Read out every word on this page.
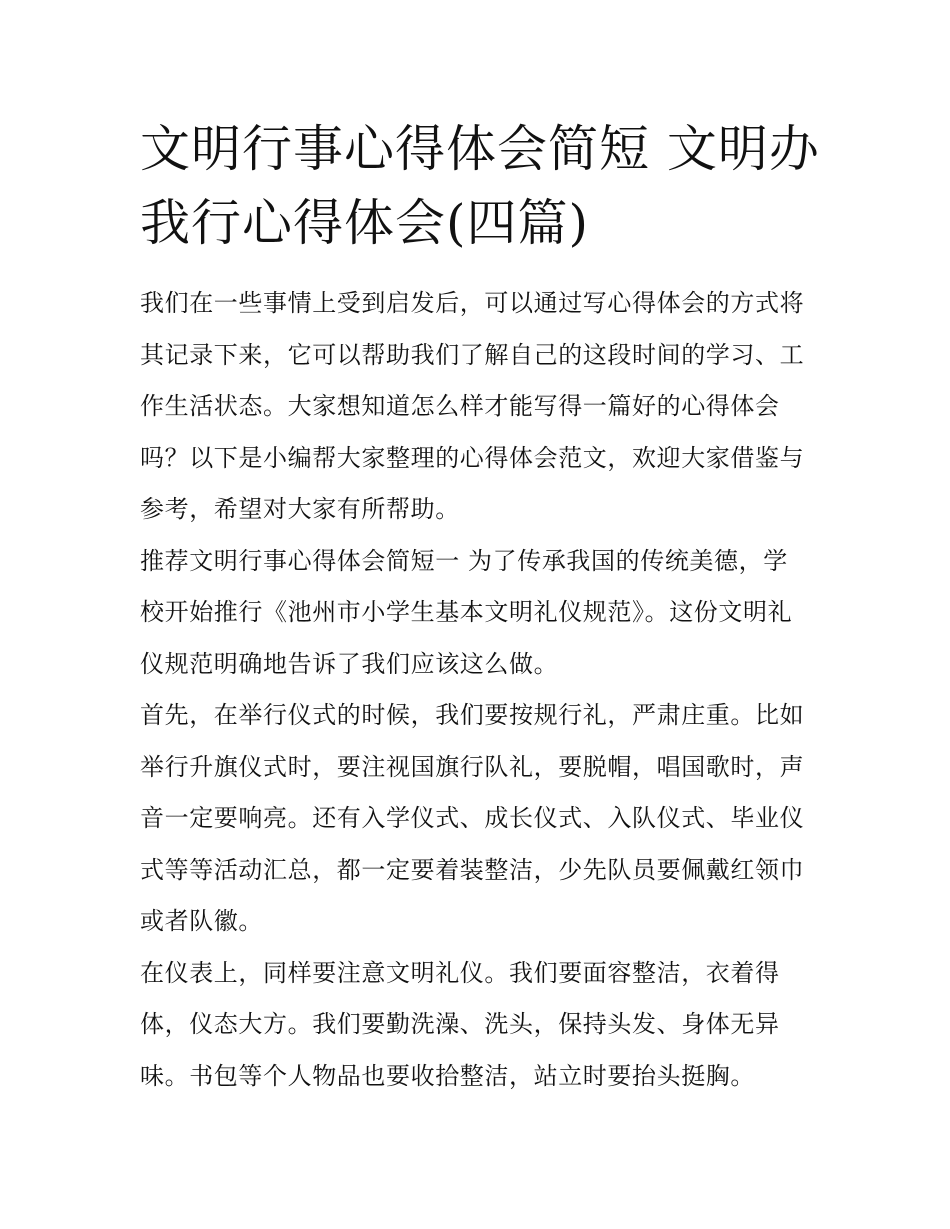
文明行事心得体会简短 文明办
我行心得体会(四篇)
我们在一些事情上受到启发后，可以通过写心得体会的方式将
其记录下来，它可以帮助我们了解自己的这段时间的学习、工
作生活状态。大家想知道怎么样才能写得一篇好的心得体会
吗？以下是小编帮大家整理的心得体会范文，欢迎大家借鉴与
参考，希望对大家有所帮助。
推荐文明行事心得体会简短一 为了传承我国的传统美德，学
校开始推行《池州市小学生基本文明礼仪规范》。这份文明礼
仪规范明确地告诉了我们应该这么做。
首先，在举行仪式的时候，我们要按规行礼，严肃庄重。比如
举行升旗仪式时，要注视国旗行队礼，要脱帽，唱国歌时，声
音一定要响亮。还有入学仪式、成长仪式、入队仪式、毕业仪
式等等活动汇总，都一定要着装整洁，少先队员要佩戴红领巾
或者队徽。
在仪表上，同样要注意文明礼仪。我们要面容整洁，衣着得
体，仪态大方。我们要勤洗澡、洗头，保持头发、身体无异
味。书包等个人物品也要收拾整洁，站立时要抬头挺胸。
